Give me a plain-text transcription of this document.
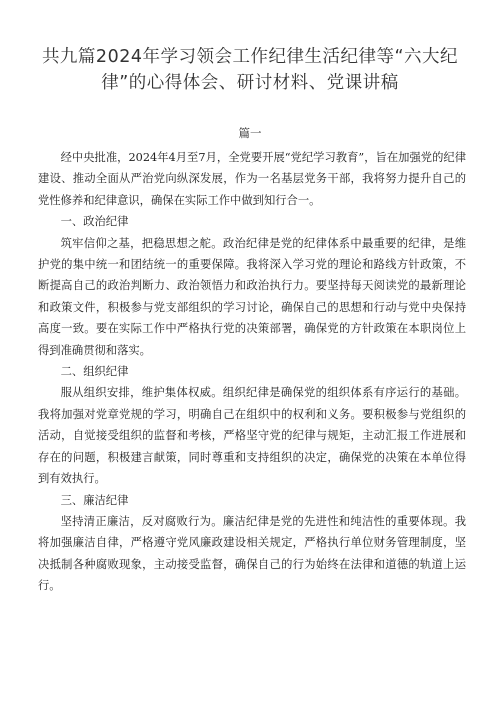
共九篇2024年学习领会工作纪律生活纪律等“六大纪律”的心得体会、研讨材料、党课讲稿
篇一

经中央批准，2024年4月至7月，全党要开展“党纪学习教育”，旨在加强党的纪律建设、推动全面从严治党向纵深发展，作为一名基层党务干部，我将努力提升自己的党性修养和纪律意识，确保在实际工作中做到知行合一。

一、政治纪律

筑牢信仰之基，把稳思想之舵。政治纪律是党的纪律体系中最重要的纪律，是维护党的集中统一和团结统一的重要保障。我将深入学习党的理论和路线方针政策，不断提高自己的政治判断力、政治领悟力和政治执行力。要坚持每天阅读党的最新理论和政策文件，积极参与党支部组织的学习讨论，确保自己的思想和行动与党中央保持高度一致。要在实际工作中严格执行党的决策部署，确保党的方针政策在本职岗位上得到准确贯彻和落实。

二、组织纪律

服从组织安排，维护集体权威。组织纪律是确保党的组织体系有序运行的基础。我将加强对党章党规的学习，明确自己在组织中的权利和义务。要积极参与党组织的活动，自觉接受组织的监督和考核，严格坚守党的纪律与规矩，主动汇报工作进展和存在的问题，积极建言献策，同时尊重和支持组织的决定，确保党的决策在本单位得到有效执行。

三、廉洁纪律

坚持清正廉洁，反对腐败行为。廉洁纪律是党的先进性和纯洁性的重要体现。我将加强廉洁自律，严格遵守党风廉政建设相关规定，严格执行单位财务管理制度，坚决抵制各种腐败现象，主动接受监督，确保自己的行为始终在法律和道德的轨道上运行。
